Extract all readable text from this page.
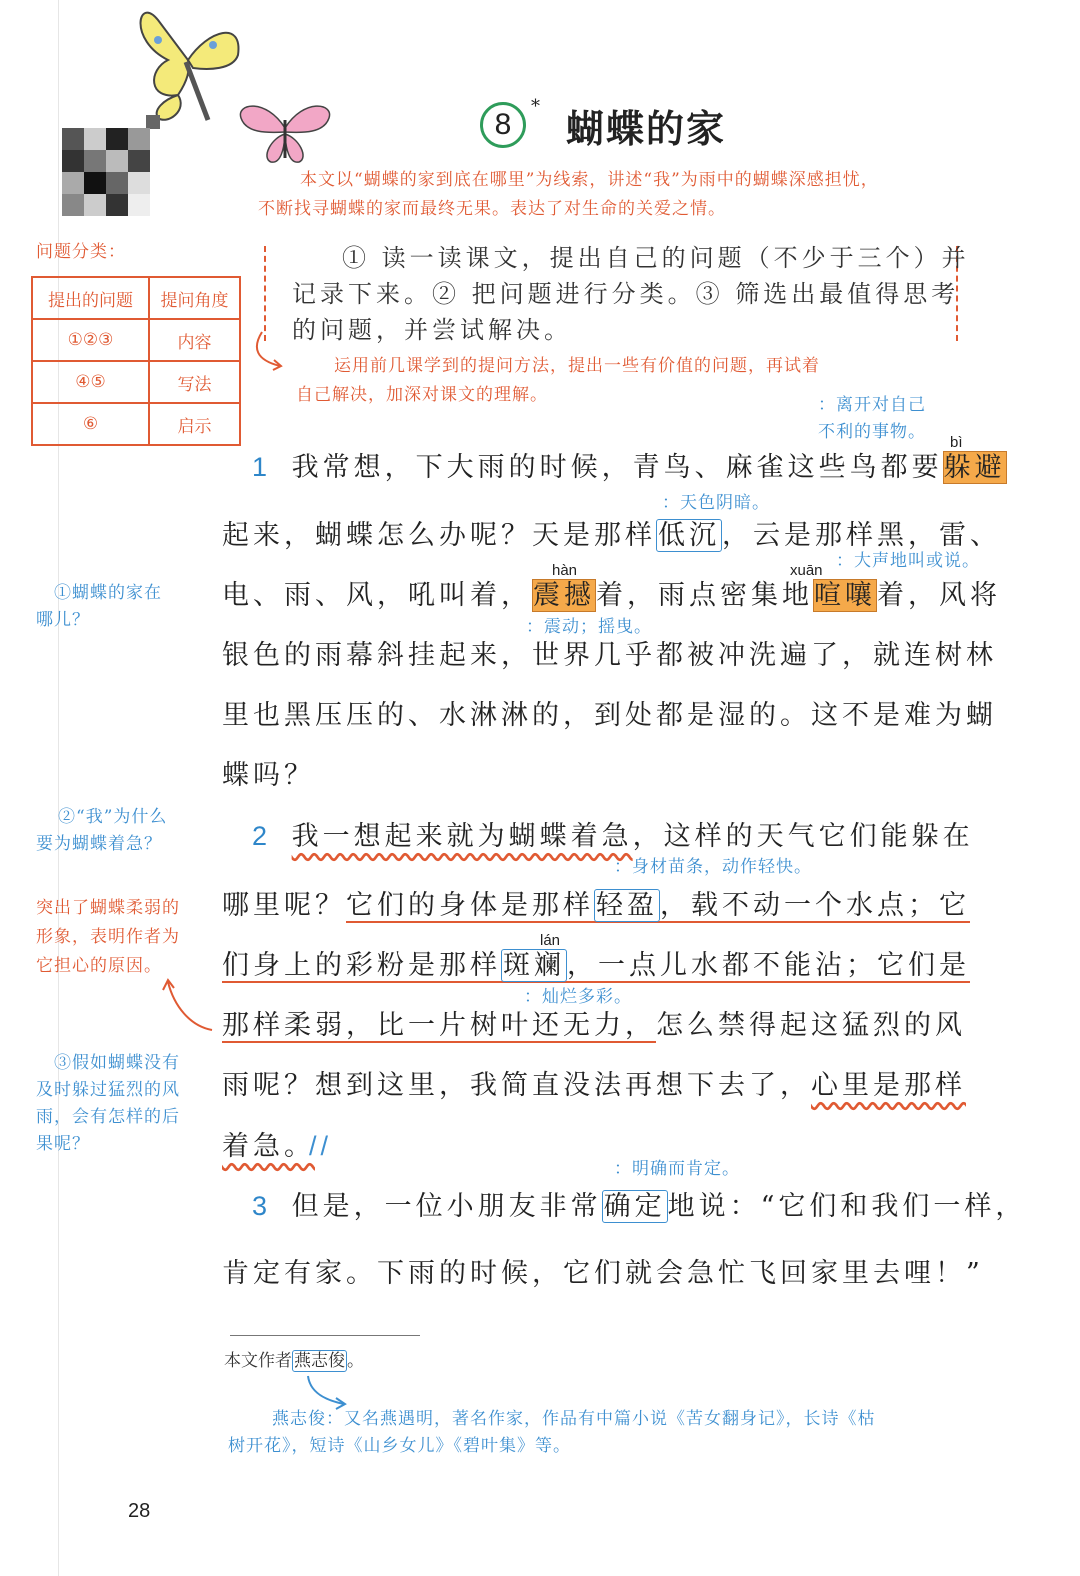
8
* 蝴蝶的家
本文以“蝴蝶的家到底在哪里”为线索，讲述“我”为雨中的蝴蝶深感担忧，
不断找寻蝴蝶的家而最终无果。表达了对生命的关爱之情。
问题分类：
提出的问题	提问角度
①②③	内容
④⑤	写法
⑥	启示
① 读一读课文，提出自己的问题（不少于三个）并
记录下来。② 把问题进行分类。③ 筛选出最值得思考
的问题，并尝试解决。
运用前几课学到的提问方法，提出一些有价值的问题，再试着
自己解决，加深对课文的理解。	：离开对自己
不利的事物。
bì
1 我常想，下大雨的时候，青鸟、麻雀这些鸟都要躲避
：天色阴暗。
起来，蝴蝶怎么办呢？天是那样低沉，云是那样黑，雷、
：大声地叫或说。
hàn	xuān
电、雨、风，吼叫着，震撼着，雨点密集地喧嚷着，风将
：震动；摇曳。
银色的雨幕斜挂起来，世界几乎都被冲洗遍了，就连树林
里也黑压压的、水淋淋的，到处都是湿的。这不是难为蝴
蝶吗？
①蝴蝶的家在
哪儿？
②“我”为什么
要为蝴蝶着急？
突出了蝴蝶柔弱的
形象，表明作者为
它担心的原因。
③假如蝴蝶没有
及时躲过猛烈的风
雨，会有怎样的后
果呢？
2 我一想起来就为蝴蝶着急，这样的天气它们能躲在
：身材苗条，动作轻快。
哪里呢？它们的身体是那样轻盈，载不动一个水点；它
lán
们身上的彩粉是那样斑斓，一点儿水都不能沾；它们是
：灿烂多彩。
那样柔弱，比一片树叶还无力，怎么禁得起这猛烈的风
雨呢？想到这里，我简直没法再想下去了，心里是那样
着急。//
：明确而肯定。
3 但是，一位小朋友非常确定地说：“它们和我们一样，
肯定有家。下雨的时候，它们就会急忙飞回家里去哩！”
本文作者 燕志俊 。
燕志俊：又名燕遇明，著名作家，作品有中篇小说《苦女翻身记》，长诗《枯
树开花》，短诗《山乡女儿》《碧叶集》等。
28
